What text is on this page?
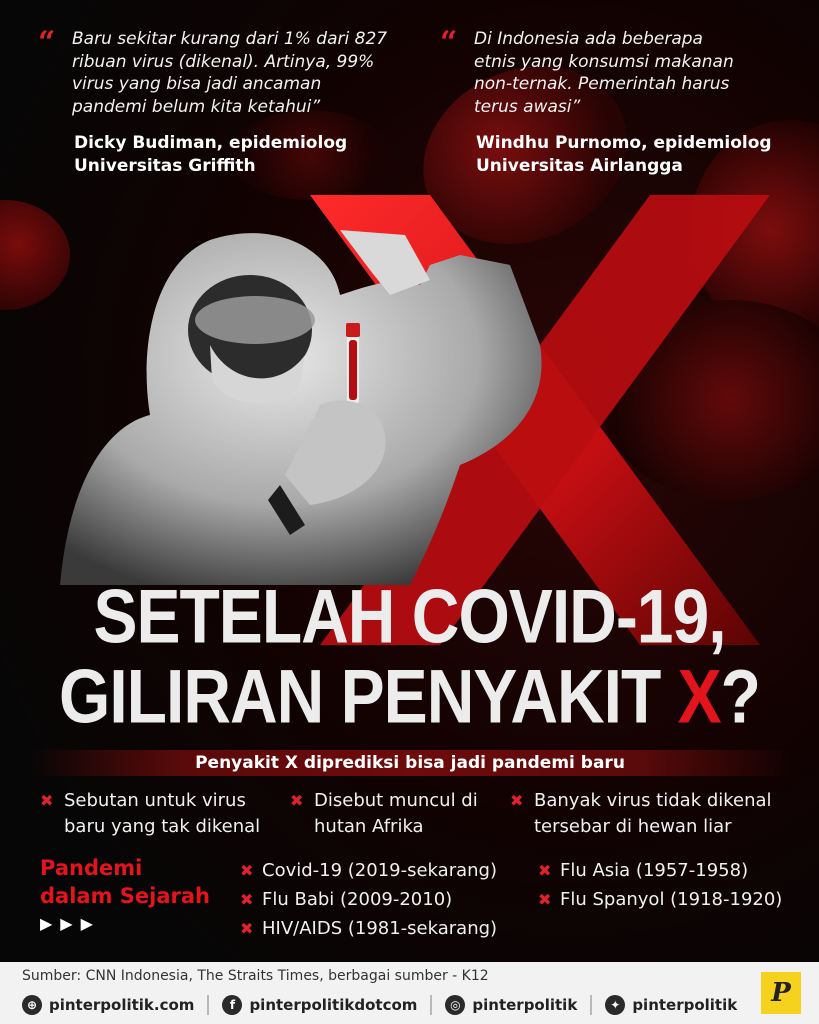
“ Baru sekitar kurang dari 1% dari 827
ribuan virus (dikenal). Artinya, 99%
virus yang bisa jadi ancaman
pandemi belum kita ketahui”
Dicky Budiman, epidemiolog
Universitas Griffith
“ Di Indonesia ada beberapa
etnis yang konsumsi makanan
non-ternak. Pemerintah harus
terus awasi”
Windhu Purnomo, epidemiolog
Universitas Airlangga
SETELAH COVID-19,
GILIRAN PENYAKIT X?
Penyakit X diprediksi bisa jadi pandemi baru
✖ Sebutan untuk virus
baru yang tak dikenal
✖ Disebut muncul di
hutan Afrika
✖ Banyak virus tidak dikenal
tersebar di hewan liar
Pandemi
dalam Sejarah
▶▶▶
✖ Covid-19 (2019-sekarang)
✖ Flu Babi (2009-2010)
✖ HIV/AIDS (1981-sekarang)
✖ Flu Asia (1957-1958)
✖ Flu Spanyol (1918-1920)
Sumber: CNN Indonesia, The Straits Times, berbagai sumber - K12
⊕ pinterpolitik.com	f pinterpolitikdotcom	◎ pinterpolitik	✦ pinterpolitik	P
